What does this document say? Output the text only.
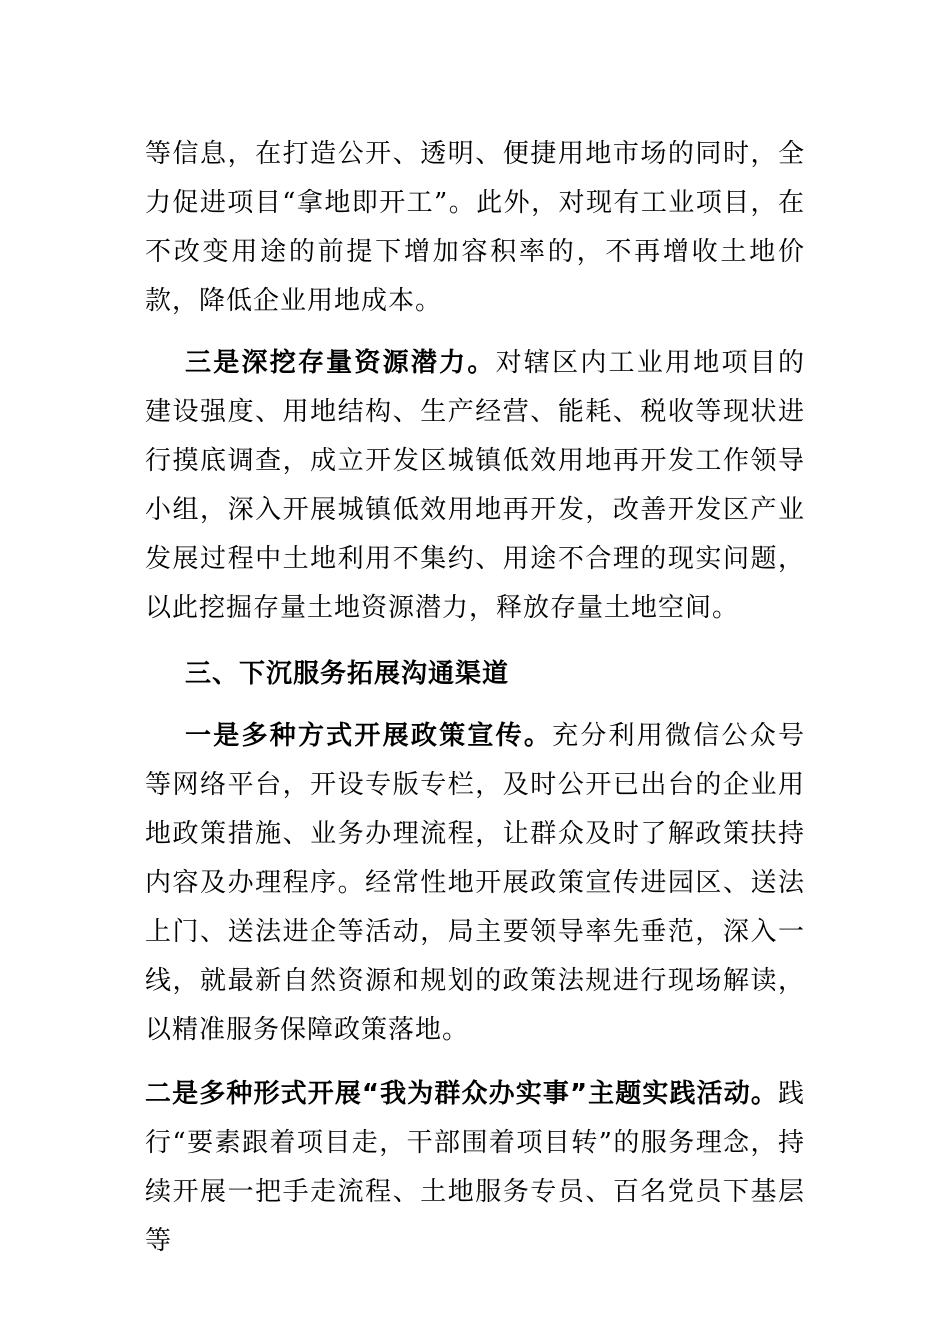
等信息，在打造公开、透明、便捷用地市场的同时，全力促进项目“拿地即开工”。此外，对现有工业项目，在不改变用途的前提下增加容积率的，不再增收土地价款，降低企业用地成本。

三是深挖存量资源潜力。对辖区内工业用地项目的建设强度、用地结构、生产经营、能耗、税收等现状进行摸底调查，成立开发区城镇低效用地再开发工作领导小组，深入开展城镇低效用地再开发，改善开发区产业发展过程中土地利用不集约、用途不合理的现实问题，以此挖掘存量土地资源潜力，释放存量土地空间。

三、下沉服务拓展沟通渠道

一是多种方式开展政策宣传。充分利用微信公众号等网络平台，开设专版专栏，及时公开已出台的企业用地政策措施、业务办理流程，让群众及时了解政策扶持内容及办理程序。经常性地开展政策宣传进园区、送法上门、送法进企等活动，局主要领导率先垂范，深入一线，就最新自然资源和规划的政策法规进行现场解读，以精准服务保障政策落地。

二是多种形式开展“我为群众办实事”主题实践活动。践行“要素跟着项目走，干部围着项目转”的服务理念，持续开展一把手走流程、土地服务专员、百名党员下基层等
